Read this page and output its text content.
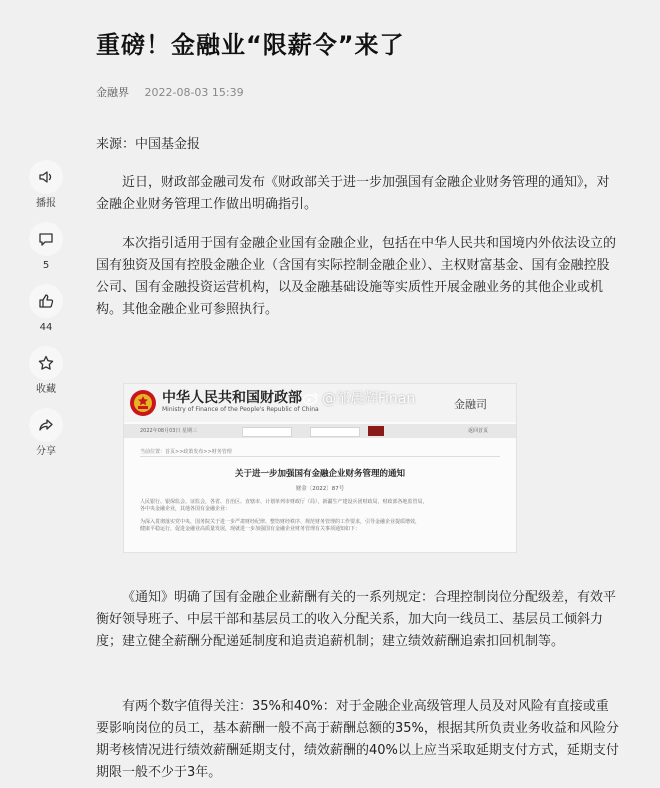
播报
5
44
收藏
分享
重磅！金融业“限薪令”来了
金融界 2022-08-03 15:39
来源：中国基金报

近日，财政部金融司发布《财政部关于进一步加强国有金融企业财务管理的通知》，对金融企业财务管理工作做出明确指引。

本次指引适用于国有金融企业国有金融企业，包括在中华人民共和国境内外依法设立的国有独资及国有控股金融企业（含国有实际控制金融企业）、主权财富基金、国有金融控股公司、国有金融投资运营机构，以及金融基础设施等实质性开展金融业务的其他企业或机构。其他金融企业可参照执行。

中华人民共和国财政部
Ministry of Finance of the People's Republic of China
@邹晨辉Finan	金融司
2022年08月03日 星期三	返回首页
当前位置：首页>>政策发布>>财务管理
关于进一步加强国有金融企业财务管理的通知
财金〔2022〕87号
人民银行、银保监会、证监会，各省、自治区、直辖市、计划单列市财政厅（局），新疆生产建设兵团财政局，财政部各地监管局，
各中央金融企业，其他各国有金融企业：
为深入贯彻落实党中央、国务院关于进一步严肃财经纪律、整饬财经秩序、规范财务管理的工作要求，引导金融企业提质增效，
健康平稳运行，促进金融业高质量发展，现就进一步加强国有金融企业财务管理有关事项通知如下：

《通知》明确了国有金融企业薪酬有关的一系列规定：合理控制岗位分配级差，有效平衡好领导班子、中层干部和基层员工的收入分配关系，加大向一线员工、基层员工倾斜力度；建立健全薪酬分配递延制度和追责追薪机制；建立绩效薪酬追索扣回机制等。

有两个数字值得关注：35%和40%：对于金融企业高级管理人员及对风险有直接或重要影响岗位的员工，基本薪酬一般不高于薪酬总额的35%，根据其所负责业务收益和风险分期考核情况进行绩效薪酬延期支付，绩效薪酬的40%以上应当采取延期支付方式，延期支付期限一般不少于3年。
